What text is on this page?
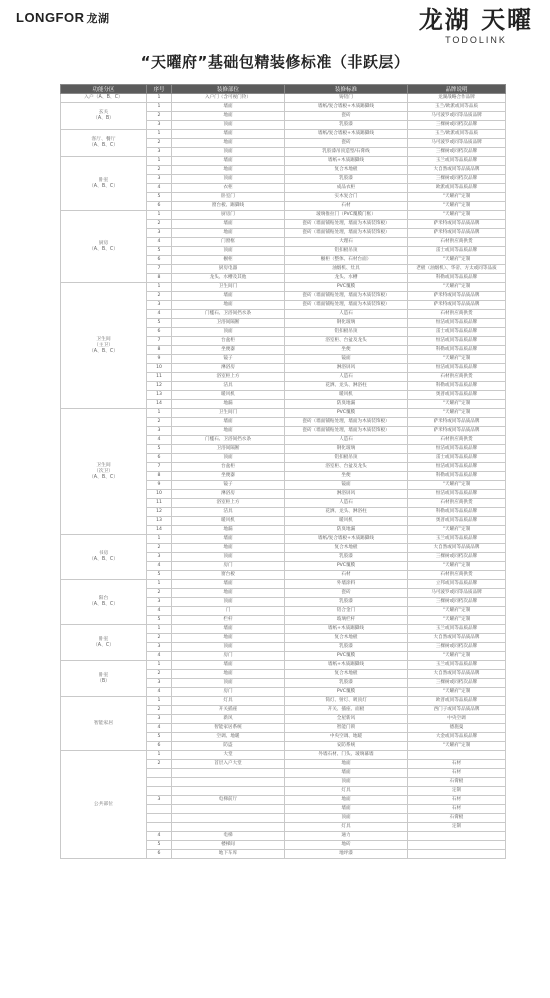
LONGFOR 龙湖	龙湖 天曜
TODOLINK
“天曜府”基础包精装修标准（非跃层）
功能分区	序号	装修部位	装修标准	品牌说明
入户（A、B、C）	1	入户门（含可视门铃）	铸铝门	龙湖战略合作品牌
玄关
（A、B）	1	墙面	墙纸/复合墙板+木质踢脚线	玉兰/欧派或同等品质
	2	地面	瓷砖	马可波罗或同等品质品牌
	3	顶面	乳胶漆	三棵树或同档次品牌
客厅、餐厅
（A、B、C）	1	墙面	墙纸/复合墙板+木质踢脚线	玉兰/欧派或同等品质
	2	地面	瓷砖	马可波罗或同等品质品牌
	3	顶面	乳胶漆吊顶造型/石膏线	三棵树或同档次品牌
卧室
（A、B、C）	1	墙面	墙纸+木质踢脚线	玉兰或同等品质品牌
	2	地面	复合木地板	大自然或同等品质品牌
	3	顶面	乳胶漆	三棵树或同档次品牌
	4	衣柜	成品衣柜	欧派或同等品质品牌
	5	卧室门	实木复合门	“天曜府”定制
	6	窗台板、踢脚线	石材	“天曜府”定制
厨房
（A、B、C）	1	厨房门	玻璃推拉门（PVC覆膜门框）	“天曜府”定制
	2	墙面	瓷砖（墙面铺贴处理，墙面为木质装饰板）	萨米特或同等品质品牌
	3	地面	瓷砖（墙面铺贴处理，墙面为木质装饰板）	萨米特或同等品质品牌
	4	门窗框	大理石	石材供应商供货
	5	顶面	铝扣板吊顶	雷士或同等品质品牌
	6	橱柜	橱柜（整体、石材台面）	“天曜府”定制
	7	厨房电器	油烟机、灶具	老板（油烟机）、华帝、方太或同等品质
	8	龙头、水槽及其他	龙头、水槽	科勒或同等品质品牌
卫生间
（主卫）
（A、B、C）	1	卫生间门	PVC覆膜	“天曜府”定制
	2	墙面	瓷砖（墙面铺贴处理，墙面为木质装饰板）	萨米特或同等品质品牌
	3	地面	瓷砖（墙面铺贴处理，墙面为木质装饰板）	萨米特或同等品质品牌
	4	门槛石、卫浴间挡水条	人造石	石材供应商供货
	5	卫浴间隔断	钢化玻璃	恒洁或同等品质品牌
	6	顶面	铝扣板吊顶	雷士或同等品质品牌
	7	台盆柜	浴室柜、台盆及龙头	恒洁或同等品质品牌
	8	坐便器	坐便	科勒或同等品质品牌
	9	镜子	镜面	“天曜府”定制
	10	淋浴房	淋浴屏风	恒洁或同等品质品牌
	11	浴室柜上方	人造石	石材供应商供货
	12	洁具	花洒、龙头、淋浴柱	科勒或同等品质品牌
	13	暖风机	暖风机	奥普或同等品质品牌
	14	地漏	防臭地漏	“天曜府”定制
卫生间
（次卫）
（A、B、C）	1	卫生间门	PVC覆膜	“天曜府”定制
	2	墙面	瓷砖（墙面铺贴处理，墙面为木质装饰板）	萨米特或同等品质品牌
	3	地面	瓷砖（墙面铺贴处理，墙面为木质装饰板）	萨米特或同等品质品牌
	4	门槛石、卫浴间挡水条	人造石	石材供应商供货
	5	卫浴间隔断	钢化玻璃	恒洁或同等品质品牌
	6	顶面	铝扣板吊顶	雷士或同等品质品牌
	7	台盆柜	浴室柜、台盆及龙头	恒洁或同等品质品牌
	8	坐便器	坐便	科勒或同等品质品牌
	9	镜子	镜面	“天曜府”定制
	10	淋浴房	淋浴屏风	恒洁或同等品质品牌
	11	浴室柜上方	人造石	石材供应商供货
	12	洁具	花洒、龙头、淋浴柱	科勒或同等品质品牌
	13	暖风机	暖风机	奥普或同等品质品牌
	14	地漏	防臭地漏	“天曜府”定制
书房
（A、B、C）	1	墙面	墙纸/复合墙板+木质踢脚线	玉兰或同等品质品牌
	2	地面	复合木地板	大自然或同等品质品牌
	3	顶面	乳胶漆	三棵树或同档次品牌
	4	房门	PVC覆膜	“天曜府”定制
	5	窗台板	石材	石材供应商供货
阳台
（A、B、C）	1	墙面	外墙涂料	立邦或同等品质品牌
	2	地面	瓷砖	马可波罗或同等品质品牌
	3	顶面	乳胶漆	三棵树或同档次品牌
	4	门	铝合金门	“天曜府”定制
	5	栏杆	玻璃栏杆	“天曜府”定制
卧室
（A、C）	1	墙面	墙纸+木质踢脚线	玉兰或同等品质品牌
	2	地面	复合木地板	大自然或同等品质品牌
	3	顶面	乳胶漆	三棵树或同档次品牌
	4	房门	PVC覆膜	“天曜府”定制
卧室
（B）	1	墙面	墙纸+木质踢脚线	玉兰或同等品质品牌
	2	地面	复合木地板	大自然或同等品质品牌
	3	顶面	乳胶漆	三棵树或同档次品牌
	4	房门	PVC覆膜	“天曜府”定制
智能家居	1	灯具	筒灯、射灯、吸顶灯	欧普或同等品质品牌
	2	开关插座	开关、插座、面板	西门子或同等品质品牌
	3	新风	全屋新风	中央空调
	4	智能家居系统	智能门锁	德施曼
	5	空调、地暖	中央空调、地暖	大金或同等品质品牌
	6	防盗	安防系统	“天曜府”定制
公共部位	1	大堂	外墙石材、门头、玻璃幕墙	
	2	首层入户大堂	地面	石材
			墙面	石材
			顶面	石膏板
			灯具	定制
	3	电梯前厅	地面	石材
			墙面	石材
			顶面	石膏板
			灯具	定制
	4	电梯	通力	
	5	楼梯间	地砖	
	6	地下车库	地坪漆	
